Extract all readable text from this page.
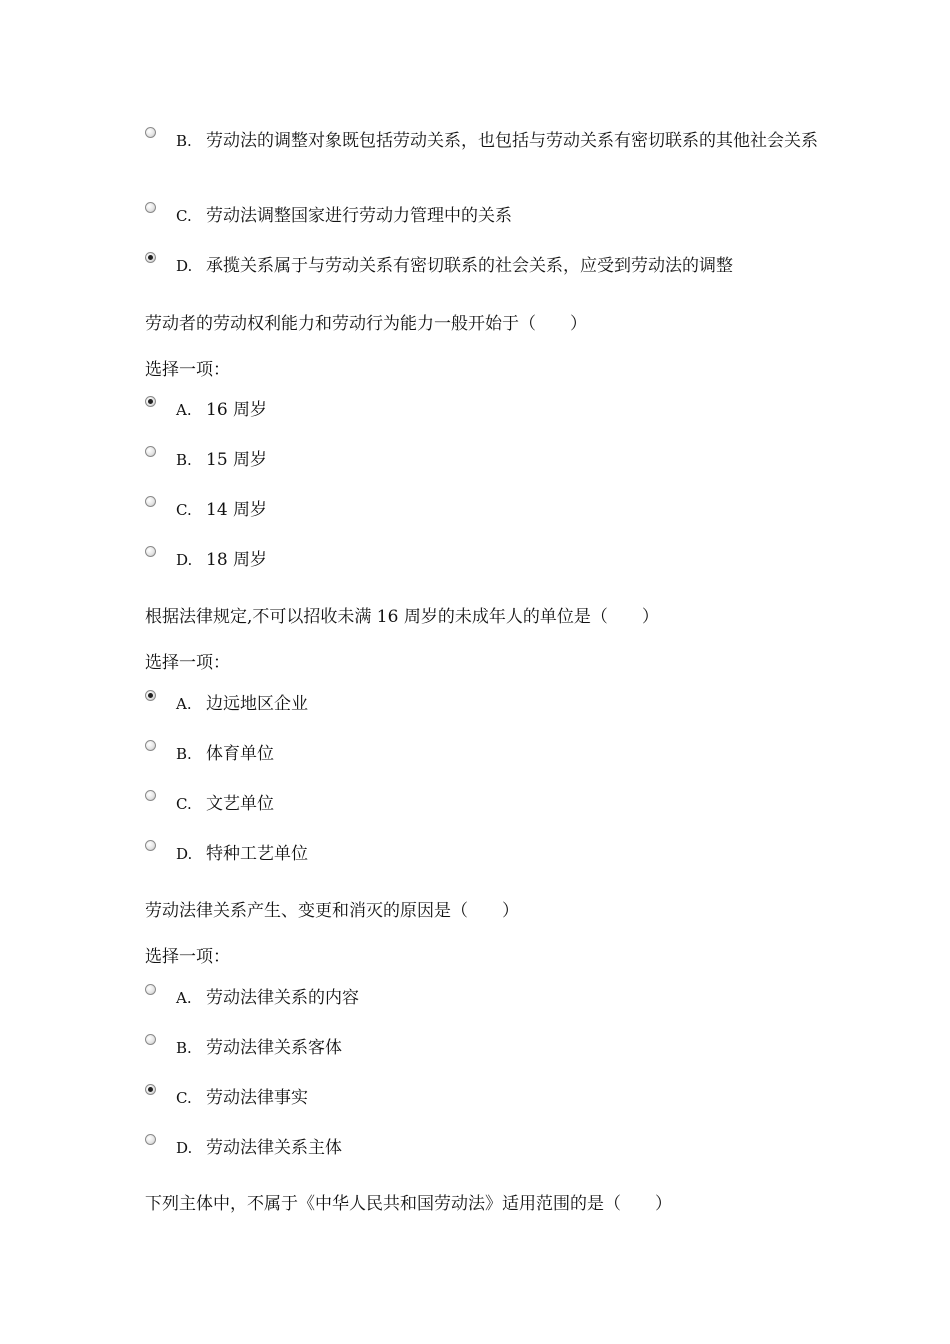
B. 劳动法的调整对象既包括劳动关系，也包括与劳动关系有密切联系的其他社会关系
C. 劳动法调整国家进行劳动力管理中的关系
D. 承揽关系属于与劳动关系有密切联系的社会关系，应受到劳动法的调整
劳动者的劳动权利能力和劳动行为能力一般开始于（　　）
选择一项：
A. 16 周岁
B. 15 周岁
C. 14 周岁
D. 18 周岁
根据法律规定,不可以招收未满 16 周岁的未成年人的单位是（　　）
选择一项：
A. 边远地区企业
B. 体育单位
C. 文艺单位
D. 特种工艺单位
劳动法律关系产生、变更和消灭的原因是（　　）
选择一项：
A. 劳动法律关系的内容
B. 劳动法律关系客体
C. 劳动法律事实
D. 劳动法律关系主体
下列主体中，不属于《中华人民共和国劳动法》适用范围的是（　　）
